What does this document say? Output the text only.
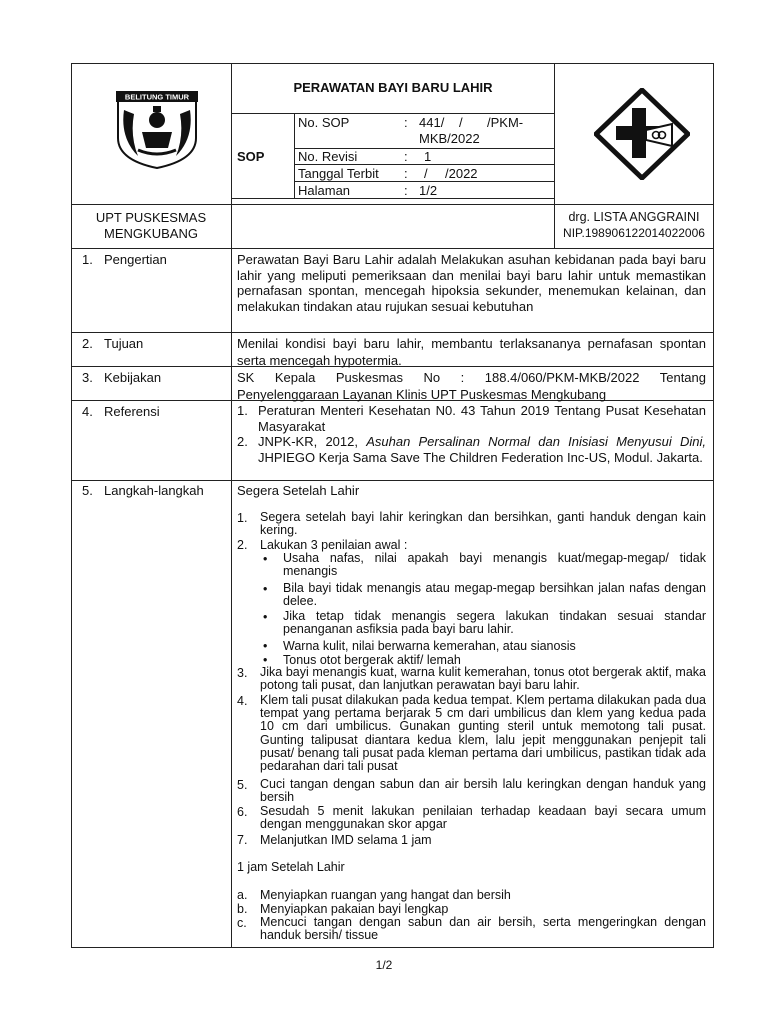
BELITUNG TIMUR
PERAWATAN BAYI BARU LAHIR
SOP
No. SOP	: 441/ / /PKM-
MKB/2022
No. Revisi	: 1
Tanggal Terbit : / /2022
Halaman	: 1/2
UPT PUSKESMAS
MENGKUBANG
drg. LISTA ANGGRAINI
NIP.198906122014022006
1. Pengertian	Perawatan Bayi Baru Lahir adalah Melakukan asuhan kebidanan pada bayi baru lahir yang meliputi pemeriksaan dan menilai bayi baru lahir untuk memastikan pernafasan spontan, mencegah hipoksia sekunder, menemukan kelainan, dan melakukan tindakan atau rujukan sesuai kebutuhan
2. Tujuan	Menilai kondisi bayi baru lahir, membantu terlaksananya pernafasan spontan serta mencegah hypotermia.
3. Kebijakan	SK Kepala Puskesmas No : 188.4/060/PKM-MKB/2022 Tentang Penyelenggaraan Layanan Klinis UPT Puskesmas Mengkubang
4. Referensi	1. Peraturan Menteri Kesehatan N0. 43 Tahun 2019 Tentang Pusat Kesehatan Masyarakat
2. JNPK-KR, 2012, Asuhan Persalinan Normal dan Inisiasi Menyusui Dini, JHPIEGO Kerja Sama Save The Children Federation Inc-US, Modul. Jakarta.
5. Langkah-langkah	Segera Setelah Lahir
1. Segera setelah bayi lahir keringkan dan bersihkan, ganti handuk dengan kain kering.
2. Lakukan 3 penilaian awal :
• Usaha nafas, nilai apakah bayi menangis kuat/megap-megap/ tidak menangis
• Bila bayi tidak menangis atau megap-megap bersihkan jalan nafas dengan delee.
• Jika tetap tidak menangis segera lakukan tindakan sesuai standar penanganan asfiksia pada bayi baru lahir.
• Warna kulit, nilai berwarna kemerahan, atau sianosis
• Tonus otot bergerak aktif/ lemah
3. Jika bayi menangis kuat, warna kulit kemerahan, tonus otot bergerak aktif, maka potong tali pusat, dan lanjutkan perawatan bayi baru lahir.
4. Klem tali pusat dilakukan pada kedua tempat. Klem pertama dilakukan pada dua tempat yang pertama berjarak 5 cm dari umbilicus dan klem yang kedua pada 10 cm dari umbilicus. Gunakan gunting steril untuk memotong tali pusat. Gunting talipusat diantara kedua klem, lalu jepit menggunakan penjepit tali pusat/ benang tali pusat pada kleman pertama dari umbilicus, pastikan tidak ada pedarahan dari tali pusat
5. Cuci tangan dengan sabun dan air bersih lalu keringkan dengan handuk yang bersih
6. Sesudah 5 menit lakukan penilaian terhadap keadaan bayi secara umum dengan menggunakan skor apgar
7. Melanjutkan IMD selama 1 jam
1 jam Setelah Lahir
a. Menyiapkan ruangan yang hangat dan bersih
b. Menyiapkan pakaian bayi lengkap
c. Mencuci tangan dengan sabun dan air bersih, serta mengeringkan dengan handuk bersih/ tissue
1/2
